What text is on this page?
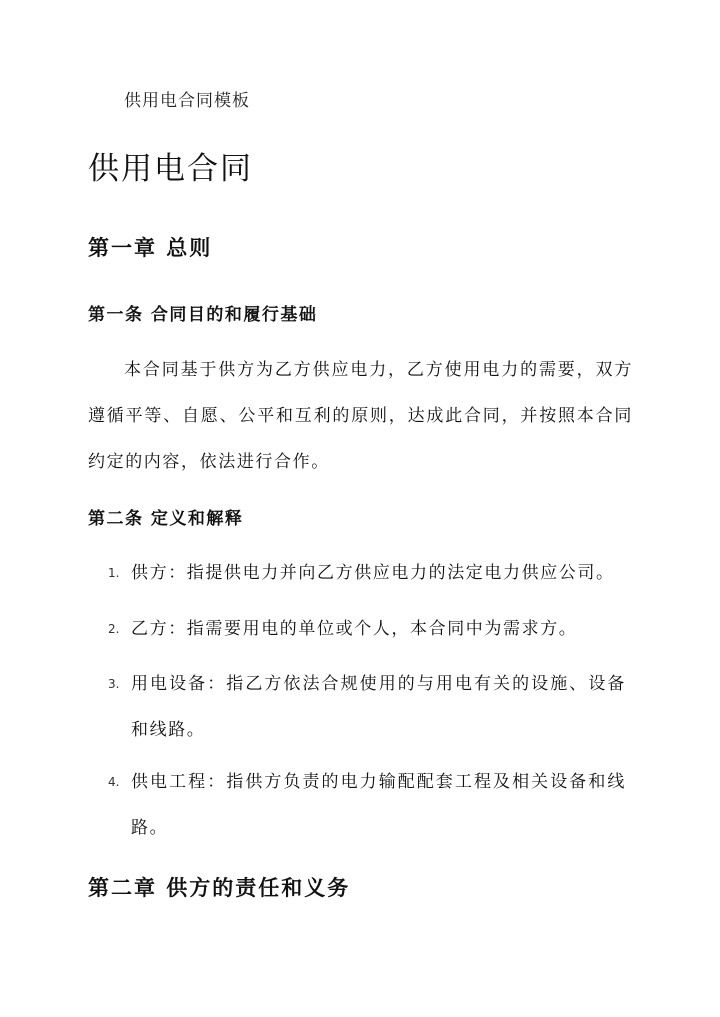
供用电合同模板
供用电合同
第一章 总则
第一条 合同目的和履行基础

本合同基于供方为乙方供应电力，乙方使用电力的需要，双方遵循平等、自愿、公平和互利的原则，达成此合同，并按照本合同约定的内容，依法进行合作。

第二条 定义和解释
1. 供方：指提供电力并向乙方供应电力的法定电力供应公司。
2. 乙方：指需要用电的单位或个人，本合同中为需求方。
3. 用电设备：指乙方依法合规使用的与用电有关的设施、设备和线路。
4. 供电工程：指供方负责的电力输配配套工程及相关设备和线路。
第二章 供方的责任和义务
